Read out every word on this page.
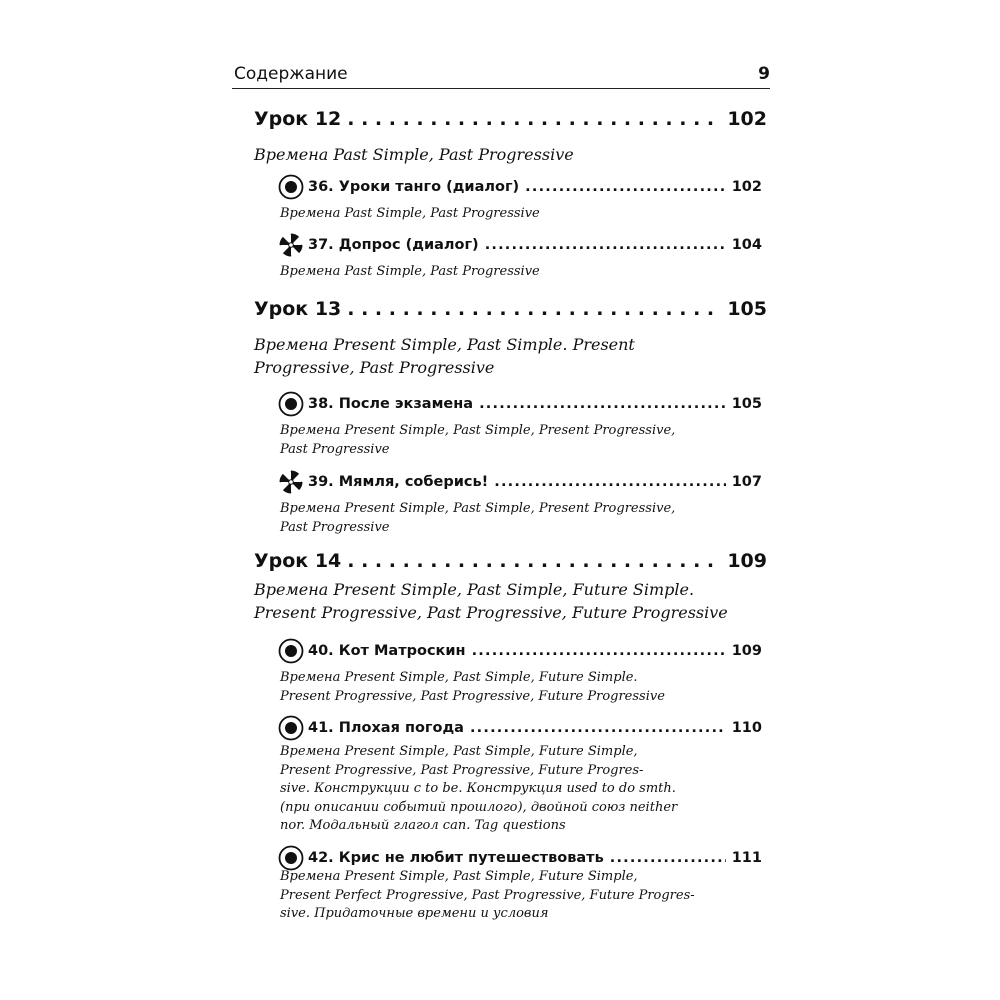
Содержание	9
Урок 12 . . .	102
Времена Past Simple, Past Progressive
36. Уроки танго (диалог) .....	102
Времена Past Simple, Past Progressive
37. Допрос (диалог) .....	104
Времена Past Simple, Past Progressive
Урок 13 . . .	105
Времена Present Simple, Past Simple. Present
Progressive, Past Progressive
38. После экзамена .....	105
Времена Present Simple, Past Simple, Present Progressive,
Past Progressive
39. Мямля, соберись! .....	107
Времена Present Simple, Past Simple, Present Progressive,
Past Progressive
Урок 14 . . .	109
Времена Present Simple, Past Simple, Future Simple.
Present Progressive, Past Progressive, Future Progressive
40. Кот Матроскин .....	109
Времена Present Simple, Past Simple, Future Simple.
Present Progressive, Past Progressive, Future Progressive
41. Плохая погода .....	110
Времена Present Simple, Past Simple, Future Simple,
Present Progressive, Past Progressive, Future Progres-
sive. Конструкции с to be. Конструкция used to do smth.
(при описании событий прошлого), двойной союз neither
nor. Модальный глагол can. Tag questions
42. Крис не любит путешествовать .....	111
Времена Present Simple, Past Simple, Future Simple,
Present Perfect Progressive, Past Progressive, Future Progres-
sive. Придаточные времени и условия
